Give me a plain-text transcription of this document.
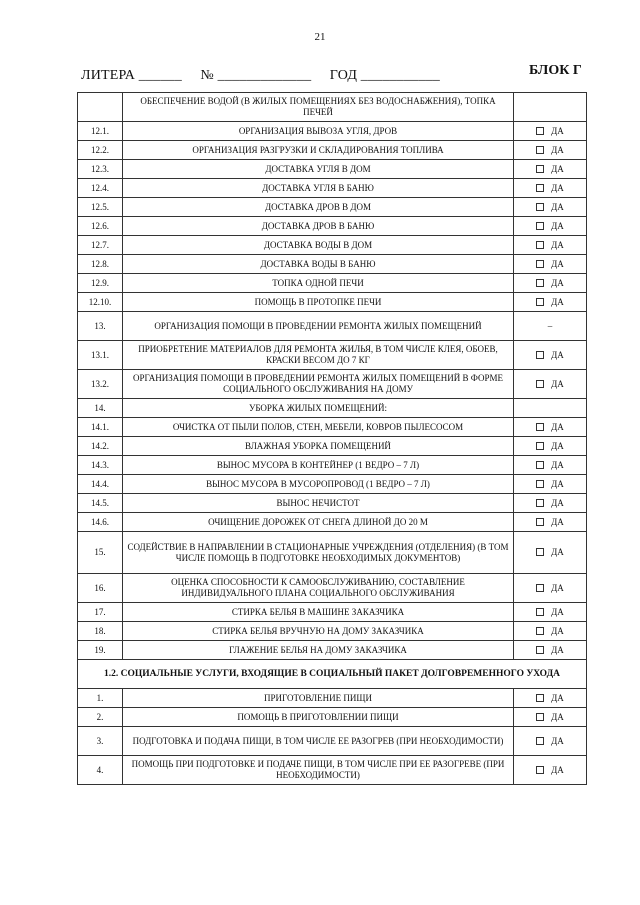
21
ЛИТЕРА ______     № _____________     ГОД ___________	БЛОК Г
	ОБЕСПЕЧЕНИЕ ВОДОЙ (В ЖИЛЫХ ПОМЕЩЕНИЯХ БЕЗ ВОДОСНАБЖЕНИЯ), ТОПКА ПЕЧЕЙ	
12.1.	ОРГАНИЗАЦИЯ ВЫВОЗА УГЛЯ, ДРОВ	ДА
12.2.	ОРГАНИЗАЦИЯ РАЗГРУЗКИ И СКЛАДИРОВАНИЯ ТОПЛИВА	ДА
12.3.	ДОСТАВКА УГЛЯ В ДОМ	ДА
12.4.	ДОСТАВКА УГЛЯ В БАНЮ	ДА
12.5.	ДОСТАВКА ДРОВ В ДОМ	ДА
12.6.	ДОСТАВКА ДРОВ В БАНЮ	ДА
12.7.	ДОСТАВКА ВОДЫ В ДОМ	ДА
12.8.	ДОСТАВКА ВОДЫ В БАНЮ	ДА
12.9.	ТОПКА ОДНОЙ ПЕЧИ	ДА
12.10.	ПОМОЩЬ В ПРОТОПКЕ ПЕЧИ	ДА
13.	ОРГАНИЗАЦИЯ ПОМОЩИ В ПРОВЕДЕНИИ РЕМОНТА ЖИЛЫХ ПОМЕЩЕНИЙ	–
13.1.	ПРИОБРЕТЕНИЕ МАТЕРИАЛОВ ДЛЯ РЕМОНТА ЖИЛЬЯ, В ТОМ ЧИСЛЕ КЛЕЯ, ОБОЕВ, КРАСКИ ВЕСОМ ДО 7 КГ	ДА
13.2.	ОРГАНИЗАЦИЯ ПОМОЩИ В ПРОВЕДЕНИИ РЕМОНТА ЖИЛЫХ ПОМЕЩЕНИЙ В ФОРМЕ СОЦИАЛЬНОГО ОБСЛУЖИВАНИЯ НА ДОМУ	ДА
14.	УБОРКА ЖИЛЫХ ПОМЕЩЕНИЙ:	
14.1.	ОЧИСТКА ОТ ПЫЛИ ПОЛОВ, СТЕН, МЕБЕЛИ, КОВРОВ ПЫЛЕСОСОМ	ДА
14.2.	ВЛАЖНАЯ УБОРКА ПОМЕЩЕНИЙ	ДА
14.3.	ВЫНОС МУСОРА В КОНТЕЙНЕР (1 ВЕДРО – 7 Л)	ДА
14.4.	ВЫНОС МУСОРА В МУСОРОПРОВОД (1 ВЕДРО – 7 Л)	ДА
14.5.	ВЫНОС НЕЧИСТОТ	ДА
14.6.	ОЧИЩЕНИЕ ДОРОЖЕК ОТ СНЕГА ДЛИНОЙ ДО 20 М	ДА
15.	СОДЕЙСТВИЕ В НАПРАВЛЕНИИ В СТАЦИОНАРНЫЕ УЧРЕЖДЕНИЯ (ОТДЕЛЕНИЯ) (В ТОМ ЧИСЛЕ ПОМОЩЬ В ПОДГОТОВКЕ НЕОБХОДИМЫХ ДОКУМЕНТОВ)	ДА
16.	ОЦЕНКА СПОСОБНОСТИ К САМООБСЛУЖИВАНИЮ, СОСТАВЛЕНИЕ ИНДИВИДУАЛЬНОГО ПЛАНА СОЦИАЛЬНОГО ОБСЛУЖИВАНИЯ	ДА
17.	СТИРКА БЕЛЬЯ В МАШИНЕ ЗАКАЗЧИКА	ДА
18.	СТИРКА БЕЛЬЯ ВРУЧНУЮ НА ДОМУ ЗАКАЗЧИКА	ДА
19.	ГЛАЖЕНИЕ БЕЛЬЯ НА ДОМУ ЗАКАЗЧИКА	ДА
1.2. СОЦИАЛЬНЫЕ УСЛУГИ, ВХОДЯЩИЕ В СОЦИАЛЬНЫЙ ПАКЕТ ДОЛГОВРЕМЕННОГО УХОДА		
1.	ПРИГОТОВЛЕНИЕ ПИЩИ	ДА
2.	ПОМОЩЬ В ПРИГОТОВЛЕНИИ ПИЩИ	ДА
3.	ПОДГОТОВКА И ПОДАЧА ПИЩИ, В ТОМ ЧИСЛЕ ЕЕ РАЗОГРЕВ (ПРИ НЕОБХОДИМОСТИ)	ДА
4.	ПОМОЩЬ ПРИ ПОДГОТОВКЕ И ПОДАЧЕ ПИЩИ, В ТОМ ЧИСЛЕ ПРИ ЕЕ РАЗОГРЕВЕ (ПРИ НЕОБХОДИМОСТИ)	ДА
